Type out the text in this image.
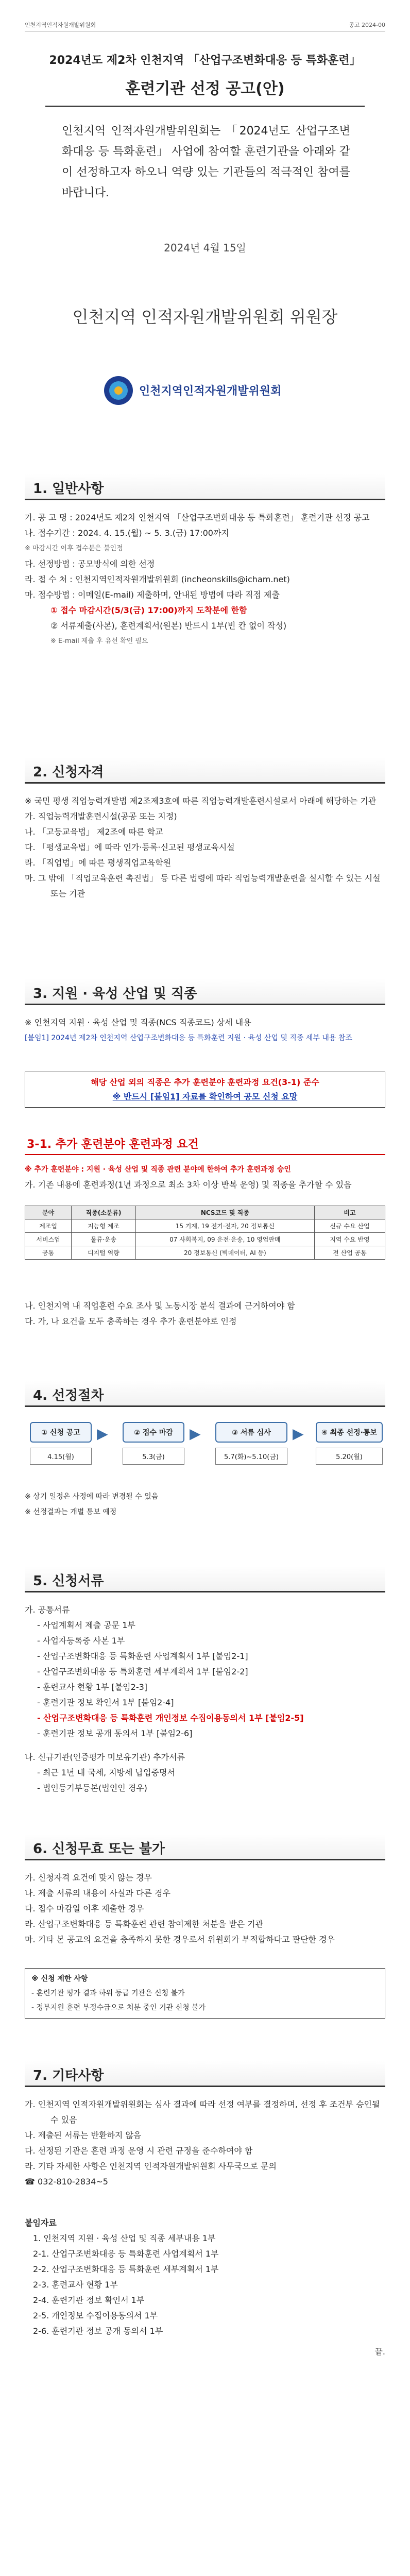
인천지역인적자원개발위원회	공고 2024-00
2024년도 제2차 인천지역 「산업구조변화대응 등 특화훈련」
훈련기관 선정 공고(안)
인천지역 인적자원개발위원회는 「2024년도 산업구조변화대응 등 특화훈련」 사업에 참여할 훈련기관을 아래와 같이 선정하고자 하오니 역량 있는 기관들의 적극적인 참여를 바랍니다.
2024년 4월 15일
인천지역 인적자원개발위원회 위원장
인천지역인적자원개발위원회
1. 일반사항

가. 공 고 명 : 2024년도 제2차 인천지역 「산업구조변화대응 등 특화훈련」 훈련기관 선정 공고

나. 접수기간 : 2024. 4. 15.(월) ~ 5. 3.(금) 17:00까지

※ 마감시간 이후 접수분은 불인정

다. 선정방법 : 공모방식에 의한 선정

라. 접 수 처 : 인천지역인적자원개발위원회 (incheonskills@icham.net)

마. 접수방법 : 이메일(E-mail) 제출하며, 안내된 방법에 따라 직접 제출

① 접수 마감시간(5/3(금) 17:00)까지 도착분에 한함

② 서류제출(사본), 훈련계획서(원본) 반드시 1부(빈 칸 없이 작성)

※ E-mail 제출 후 유선 확인 필요

2. 신청자격

※ 국민 평생 직업능력개발법 제2조제3호에 따른 직업능력개발훈련시설로서 아래에 해당하는 기관

가. 직업능력개발훈련시설(공공 또는 지정)

나. 「고등교육법」 제2조에 따른 학교

다. 「평생교육법」에 따라 인가·등록·신고된 평생교육시설

라. 「직업법」에 따른 평생직업교육학원

마. 그 밖에 「직업교육훈련 촉진법」 등 다른 법령에 따라 직업능력개발훈련을 실시할 수 있는 시설 또는 기관

3. 지원 · 육성 산업 및 직종

※ 인천지역 지원 · 육성 산업 및 직종(NCS 직종코드) 상세 내용

[붙임1] 2024년 제2차 인천지역 산업구조변화대응 등 특화훈련 지원 · 육성 산업 및 직종 세부 내용 참조

해당 산업 외의 직종은 추가 훈련분야 훈련과정 요건(3-1) 준수
※ 반드시 [붙임1] 자료를 확인하여 공모 신청 요망
3-1. 추가 훈련분야 훈련과정 요건

※ 추가 훈련분야 : 지원 · 육성 산업 및 직종 관련 분야에 한하여 추가 훈련과정 승인

가. 기존 내용에 훈련과정(1년 과정으로 최소 3차 이상 반복 운영) 및 직종을 추가할 수 있음

분야	직종(소분류)	NCS코드 및 직종	비고
제조업	지능형 제조	15 기계, 19 전기·전자, 20 정보통신	신규 수요 산업
서비스업	물류·운송	07 사회복지, 09 운전·운송, 10 영업판매	지역 수요 반영
공통	디지털 역량	20 정보통신 (빅데이터, AI 등)	전 산업 공통

나. 인천지역 내 직업훈련 수요 조사 및 노동시장 분석 결과에 근거하여야 함

다. 가, 나 요건을 모두 충족하는 경우 추가 훈련분야로 인정

4. 선정절차
① 신청 공고
4.15(월)
▶	② 접수 마감
5.3(금)
▶	③ 서류 심사
5.7(화)~5.10(금)
▶	④ 최종 선정·통보
5.20(월)

※ 상기 일정은 사정에 따라 변경될 수 있음

※ 선정결과는 개별 통보 예정

5. 신청서류

가. 공통서류

- 사업계획서 제출 공문 1부

- 사업자등록증 사본 1부

- 산업구조변화대응 등 특화훈련 사업계획서 1부 [붙임2-1]

- 산업구조변화대응 등 특화훈련 세부계획서 1부 [붙임2-2]

- 훈련교사 현황 1부 [붙임2-3]

- 훈련기관 정보 확인서 1부 [붙임2-4]

- 산업구조변화대응 등 특화훈련 개인정보 수집이용동의서 1부 [붙임2-5]

- 훈련기관 정보 공개 동의서 1부 [붙임2-6]

나. 신규기관(인증평가 미보유기관) 추가서류

- 최근 1년 내 국세, 지방세 납입증명서

- 법인등기부등본(법인인 경우)

6. 신청무효 또는 불가

가. 신청자격 요건에 맞지 않는 경우

나. 제출 서류의 내용이 사실과 다른 경우

다. 접수 마감일 이후 제출한 경우

라. 산업구조변화대응 등 특화훈련 관련 참여제한 처분을 받은 기관

마. 기타 본 공고의 요건을 충족하지 못한 경우로서 위원회가 부적합하다고 판단한 경우

※ 신청 제한 사항
- 훈련기관 평가 결과 하위 등급 기관은 신청 불가
- 정부지원 훈련 부정수급으로 처분 중인 기관 신청 불가
7. 기타사항

가. 인천지역 인적자원개발위원회는 심사 결과에 따라 선정 여부를 결정하며, 선정 후 조건부 승인될 수 있음

나. 제출된 서류는 반환하지 않음

다. 선정된 기관은 훈련 과정 운영 시 관련 규정을 준수하여야 함

라. 기타 자세한 사항은 인천지역 인적자원개발위원회 사무국으로 문의

☎ 032-810-2834~5

붙임자료

1. 인천지역 지원 · 육성 산업 및 직종 세부내용 1부

2-1. 산업구조변화대응 등 특화훈련 사업계획서 1부

2-2. 산업구조변화대응 등 특화훈련 세부계획서 1부

2-3. 훈련교사 현황 1부

2-4. 훈련기관 정보 확인서 1부

2-5. 개인정보 수집이용동의서 1부

2-6. 훈련기관 정보 공개 동의서 1부

끝.
